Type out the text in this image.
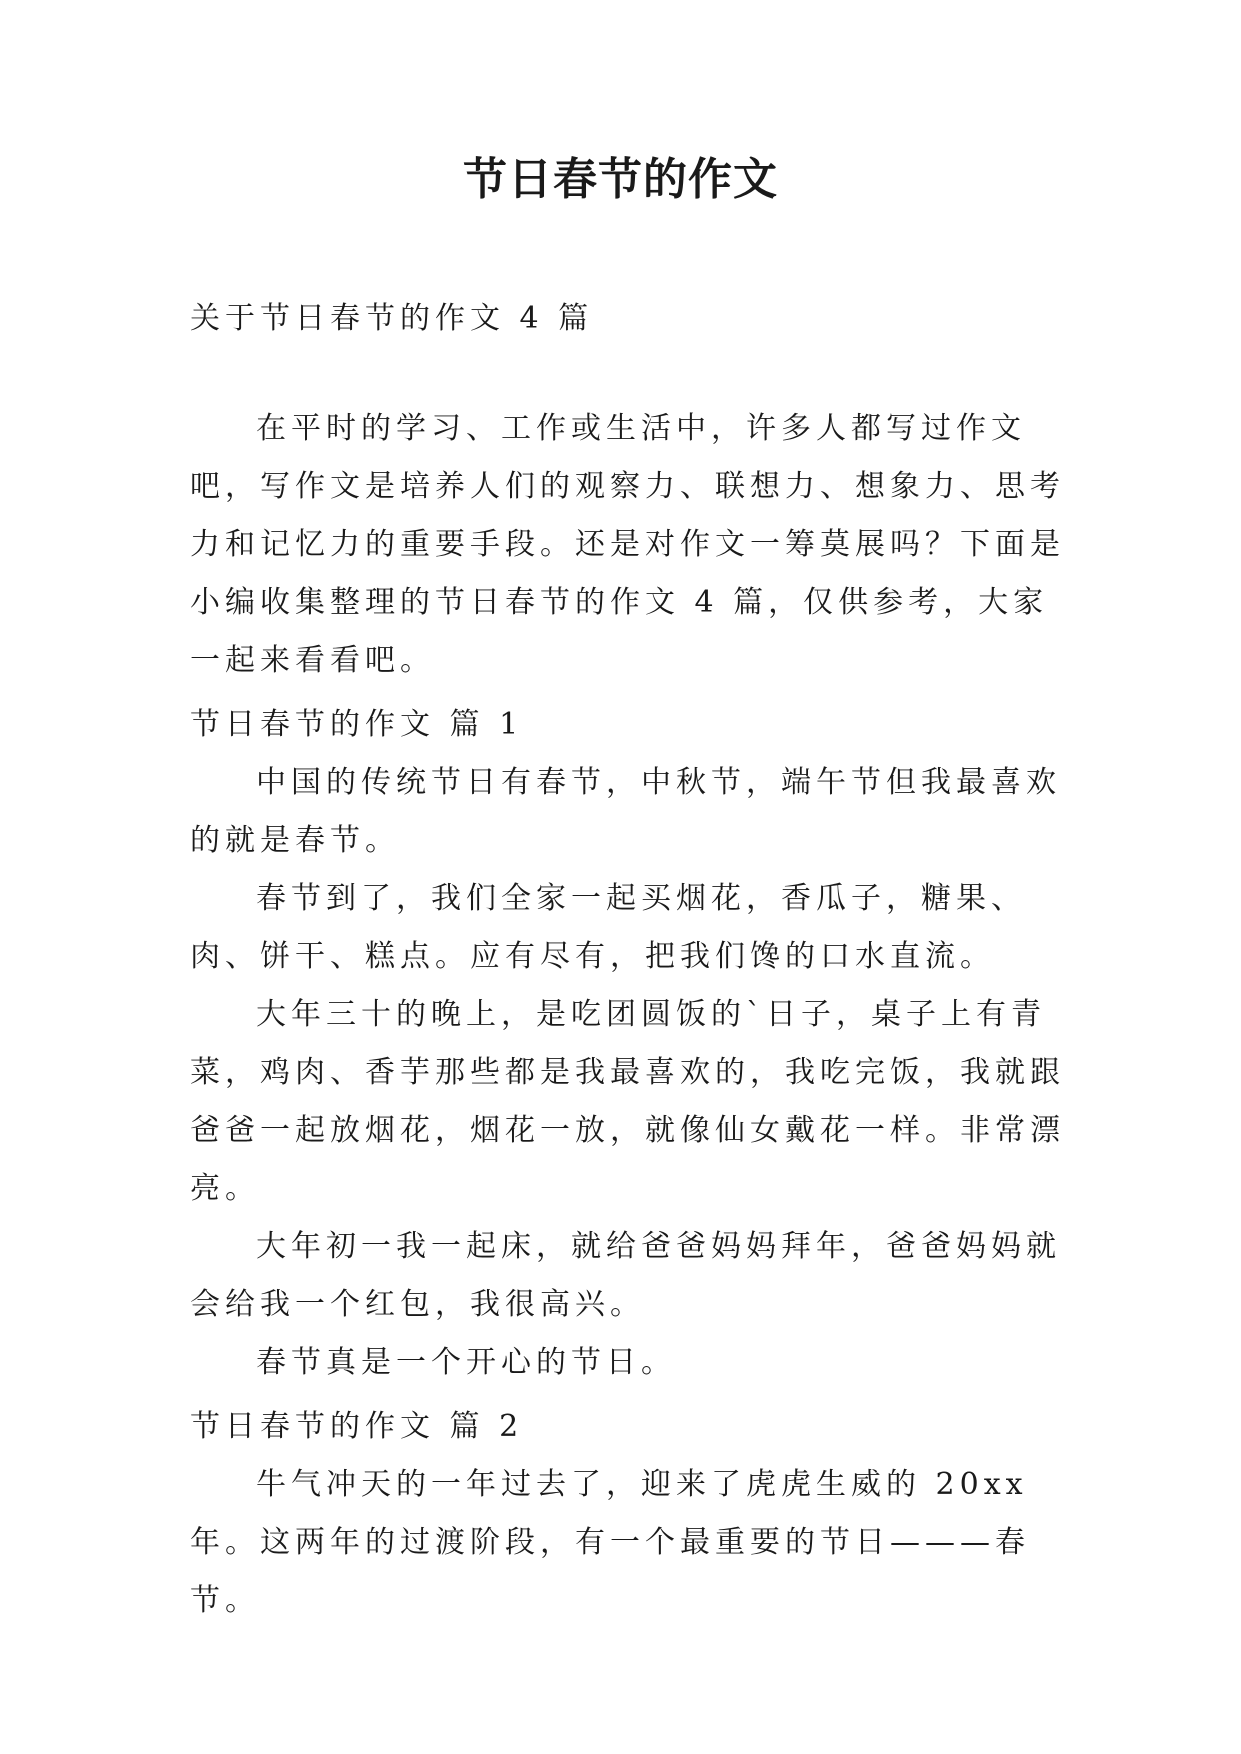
节日春节的作文

关于节日春节的作文 4 篇

在平时的学习、工作或生活中，许多人都写过作文吧，写作文是培养人们的观察力、联想力、想象力、思考力和记忆力的重要手段。还是对作文一筹莫展吗？下面是小编收集整理的节日春节的作文 4 篇，仅供参考，大家一起来看看吧。

节日春节的作文 篇 1

中国的传统节日有春节，中秋节，端午节但我最喜欢的就是春节。

春节到了，我们全家一起买烟花，香瓜子，糖果、肉、饼干、糕点。应有尽有，把我们馋的口水直流。

大年三十的晚上，是吃团圆饭的`日子，桌子上有青菜，鸡肉、香芋那些都是我最喜欢的，我吃完饭，我就跟爸爸一起放烟花，烟花一放，就像仙女戴花一样。非常漂亮。

大年初一我一起床，就给爸爸妈妈拜年，爸爸妈妈就会给我一个红包，我很高兴。

春节真是一个开心的节日。

节日春节的作文 篇 2

牛气冲天的一年过去了，迎来了虎虎生威的 20xx 年。这两年的过渡阶段，有一个最重要的节日———春节。
